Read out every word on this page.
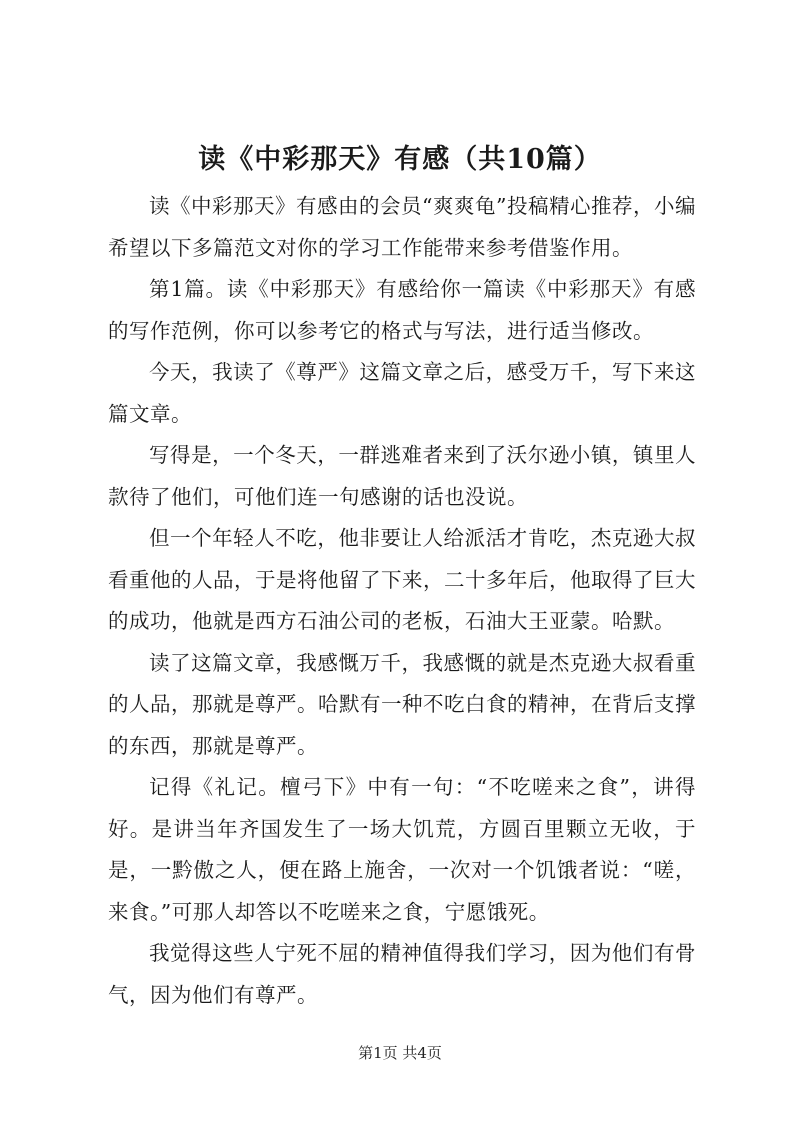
读《中彩那天》有感（共10篇）

读《中彩那天》有感由的会员“爽爽龟”投稿精心推荐，小编希望以下多篇范文对你的学习工作能带来参考借鉴作用。

第1篇。读《中彩那天》有感给你一篇读《中彩那天》有感的写作范例，你可以参考它的格式与写法，进行适当修改。

今天，我读了《尊严》这篇文章之后，感受万千，写下来这篇文章。

写得是，一个冬天，一群逃难者来到了沃尔逊小镇，镇里人款待了他们，可他们连一句感谢的话也没说。

但一个年轻人不吃，他非要让人给派活才肯吃，杰克逊大叔看重他的人品，于是将他留了下来，二十多年后，他取得了巨大的成功，他就是西方石油公司的老板，石油大王亚蒙。哈默。

读了这篇文章，我感慨万千，我感慨的就是杰克逊大叔看重的人品，那就是尊严。哈默有一种不吃白食的精神，在背后支撑的东西，那就是尊严。

记得《礼记。檀弓下》中有一句：“不吃嗟来之食”，讲得好。是讲当年齐国发生了一场大饥荒，方圆百里颗立无收，于是，一黔傲之人，便在路上施舍，一次对一个饥饿者说：“嗟，来食。”可那人却答以不吃嗟来之食，宁愿饿死。

我觉得这些人宁死不屈的精神值得我们学习，因为他们有骨气，因为他们有尊严。

第1页 共4页
